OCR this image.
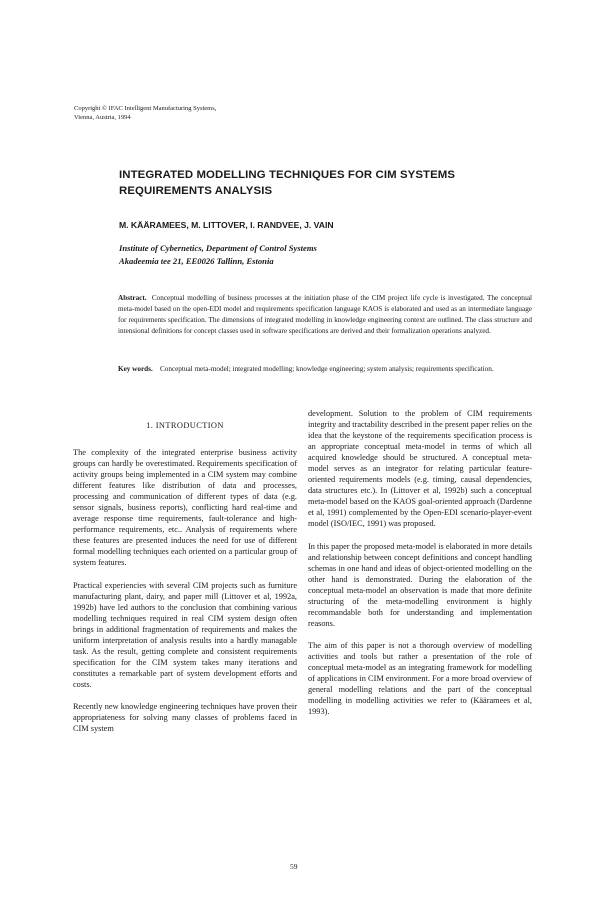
Copyright © IFAC Intelligent Manufacturing Systems,
Vienna, Austria, 1994
INTEGRATED MODELLING TECHNIQUES FOR CIM SYSTEMS REQUIREMENTS ANALYSIS
M. KÄÄRAMEES, M. LITTOVER, I. RANDVEE, J. VAIN
Institute of Cybernetics, Department of Control Systems
Akadeemia tee 21, EE0026 Tallinn, Estonia

Abstract. Conceptual modelling of business processes at the initiation phase of the CIM project life cycle is investigated. The conceptual meta-model based on the open-EDI model and requirements specification language KAOS is elaborated and used as an intermediate language for requirements specification. The dimensions of integrated modelling in knowledge engineering context are outlined. The class structure and intensional definitions for concept classes used in software specifications are derived and their formalization operations analyzed.

Key words. Conceptual meta-model; integrated modelling; knowledge engineering; system analysis; requirements specification.

1. INTRODUCTION

The complexity of the integrated enterprise business activity groups can hardly be overestimated. Requirements specification of activity groups being implemented in a CIM system may combine different features like distribution of data and processes, processing and communication of different types of data (e.g. sensor signals, business reports), conflicting hard real-time and average response time requirements, fault-tolerance and high-performance requirements, etc.. Analysis of requirements where these features are presented induces the need for use of different formal modelling techniques each oriented on a particular group of system features.

Practical experiencies with several CIM projects such as furniture manufacturing plant, dairy, and paper mill (Littover et al, 1992a, 1992b) have led authors to the conclusion that combining various modelling techniques required in real CIM system design often brings in additional fragmentation of requirements and makes the uniform interpretation of analysis results into a hardly managable task. As the result, getting complete and consistent requirements specification for the CIM system takes many iterations and constitutes a remarkable part of system development efforts and costs.

Recently new knowledge engineering techniques have proven their appropriateness for solving many classes of problems faced in CIM system

development. Solution to the problem of CIM requirements integrity and tractability described in the present paper relies on the idea that the keystone of the requirements specification process is an appropriate conceptual meta-model in terms of which all acquired knowledge should be structured. A conceptual meta-model serves as an integrator for relating particular feature-oriented requirements models (e.g. timing, causal dependencies, data structures etc.). In (Littover et al, 1992b) such a conceptual meta-model based on the KAOS goal-oriented approach (Dardenne et al, 1991) complemented by the Open-EDI scenario-player-event model (ISO/IEC, 1991) was proposed.

In this paper the proposed meta-model is elaborated in more details and relationship between concept definitions and concept handling schemas in one hand and ideas of object-oriented modelling on the other hand is demonstrated. During the elaboration of the conceptual meta-model an observation is made that more definite structuring of the meta-modelling environment is highly recommandable both for understanding and implementation reasons.

The aim of this paper is not a thorough overview of modelling activities and tools but rather a presentation of the role of conceptual meta-model as an integrating framework for modelling of applications in CIM environment. For a more broad overview of general modelling relations and the part of the conceptual modelling in modelling activities we refer to (Kääramees et al, 1993).

59
